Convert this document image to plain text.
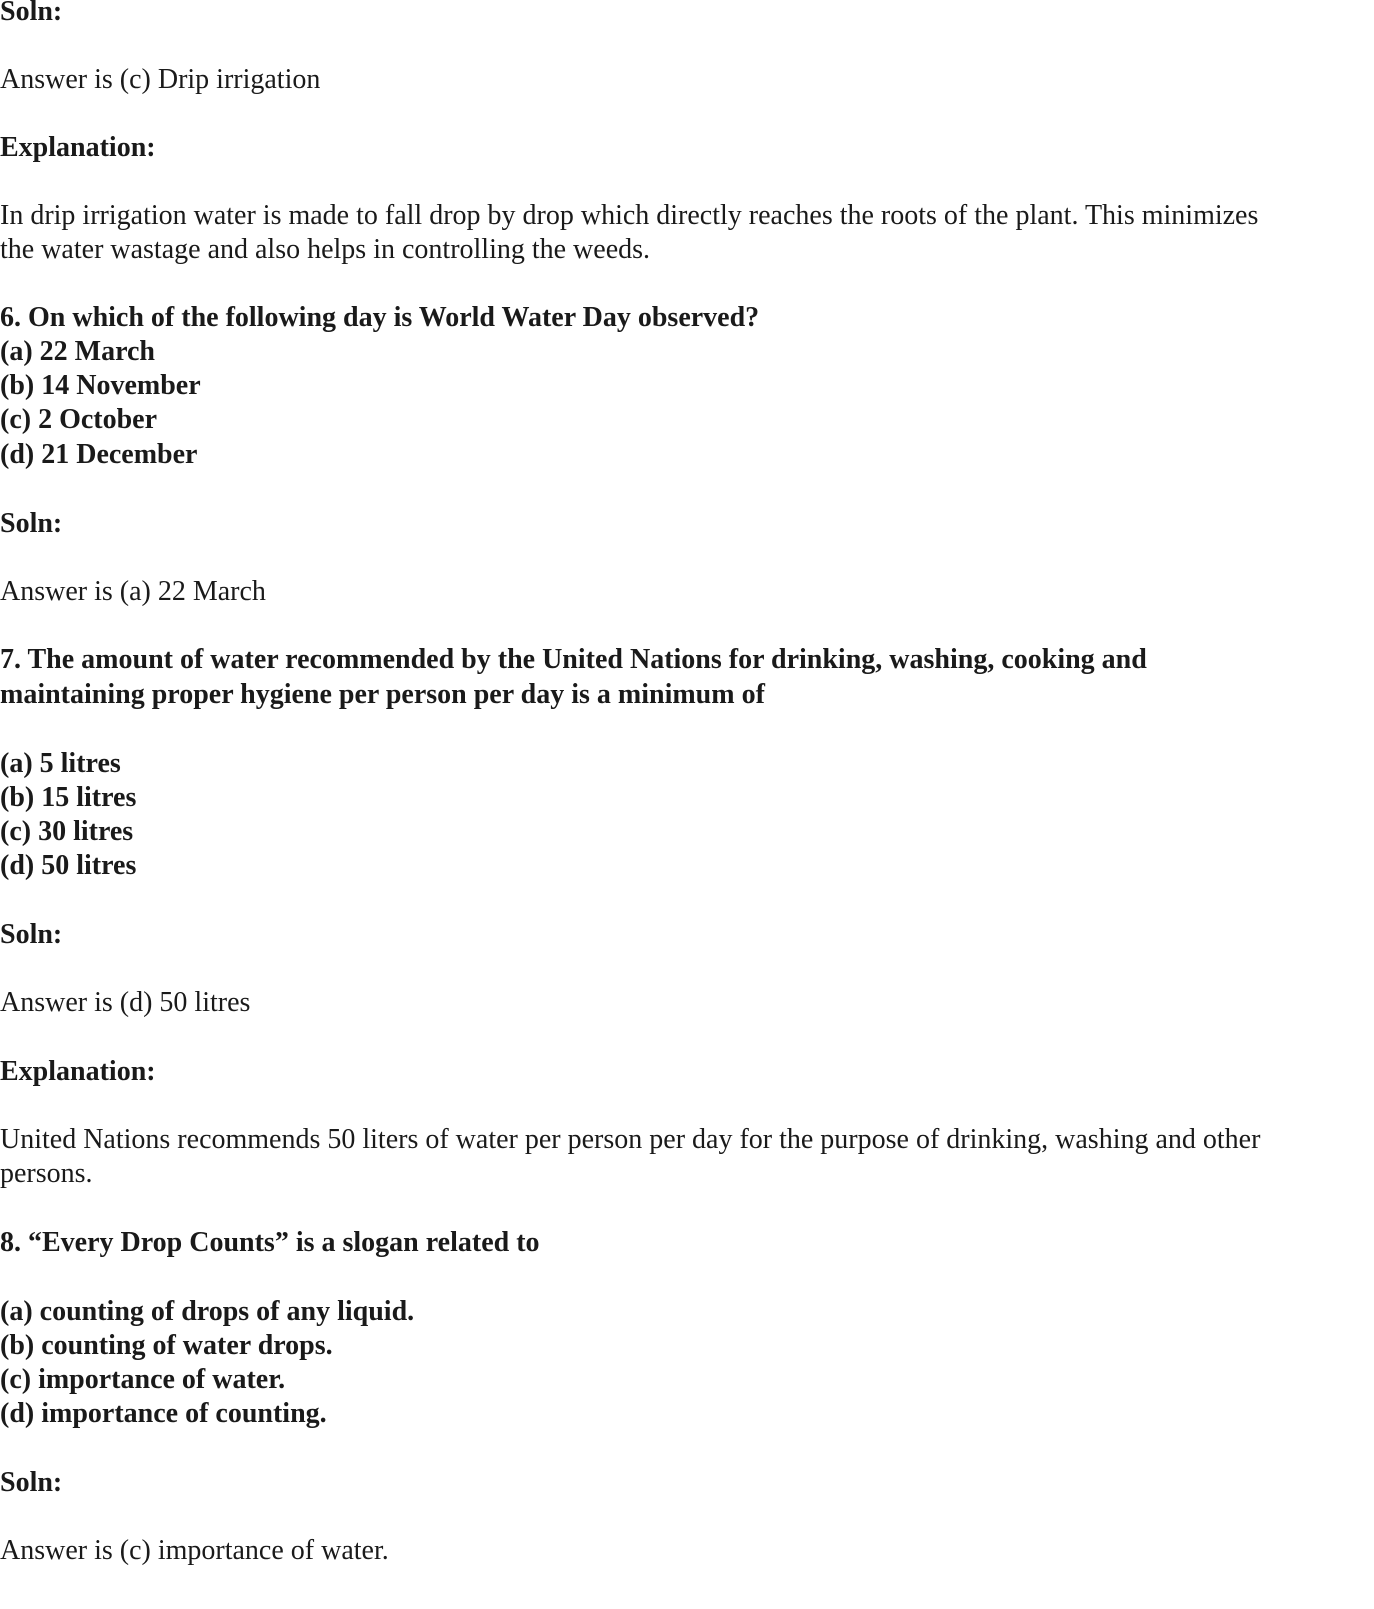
Soln:
Answer is (c) Drip irrigation
Explanation:
In drip irrigation water is made to fall drop by drop which directly reaches the roots of the plant. This minimizes
the water wastage and also helps in controlling the weeds.
6. On which of the following day is World Water Day observed?
(a) 22 March
(b) 14 November
(c) 2 October
(d) 21 December
Soln:
Answer is (a) 22 March
7. The amount of water recommended by the United Nations for drinking, washing, cooking and
maintaining proper hygiene per person per day is a minimum of
(a) 5 litres
(b) 15 litres
(c) 30 litres
(d) 50 litres
Soln:
Answer is (d) 50 litres
Explanation:
United Nations recommends 50 liters of water per person per day for the purpose of drinking, washing and other
persons.
8. “Every Drop Counts” is a slogan related to
(a) counting of drops of any liquid.
(b) counting of water drops.
(c) importance of water.
(d) importance of counting.
Soln:
Answer is (c) importance of water.
